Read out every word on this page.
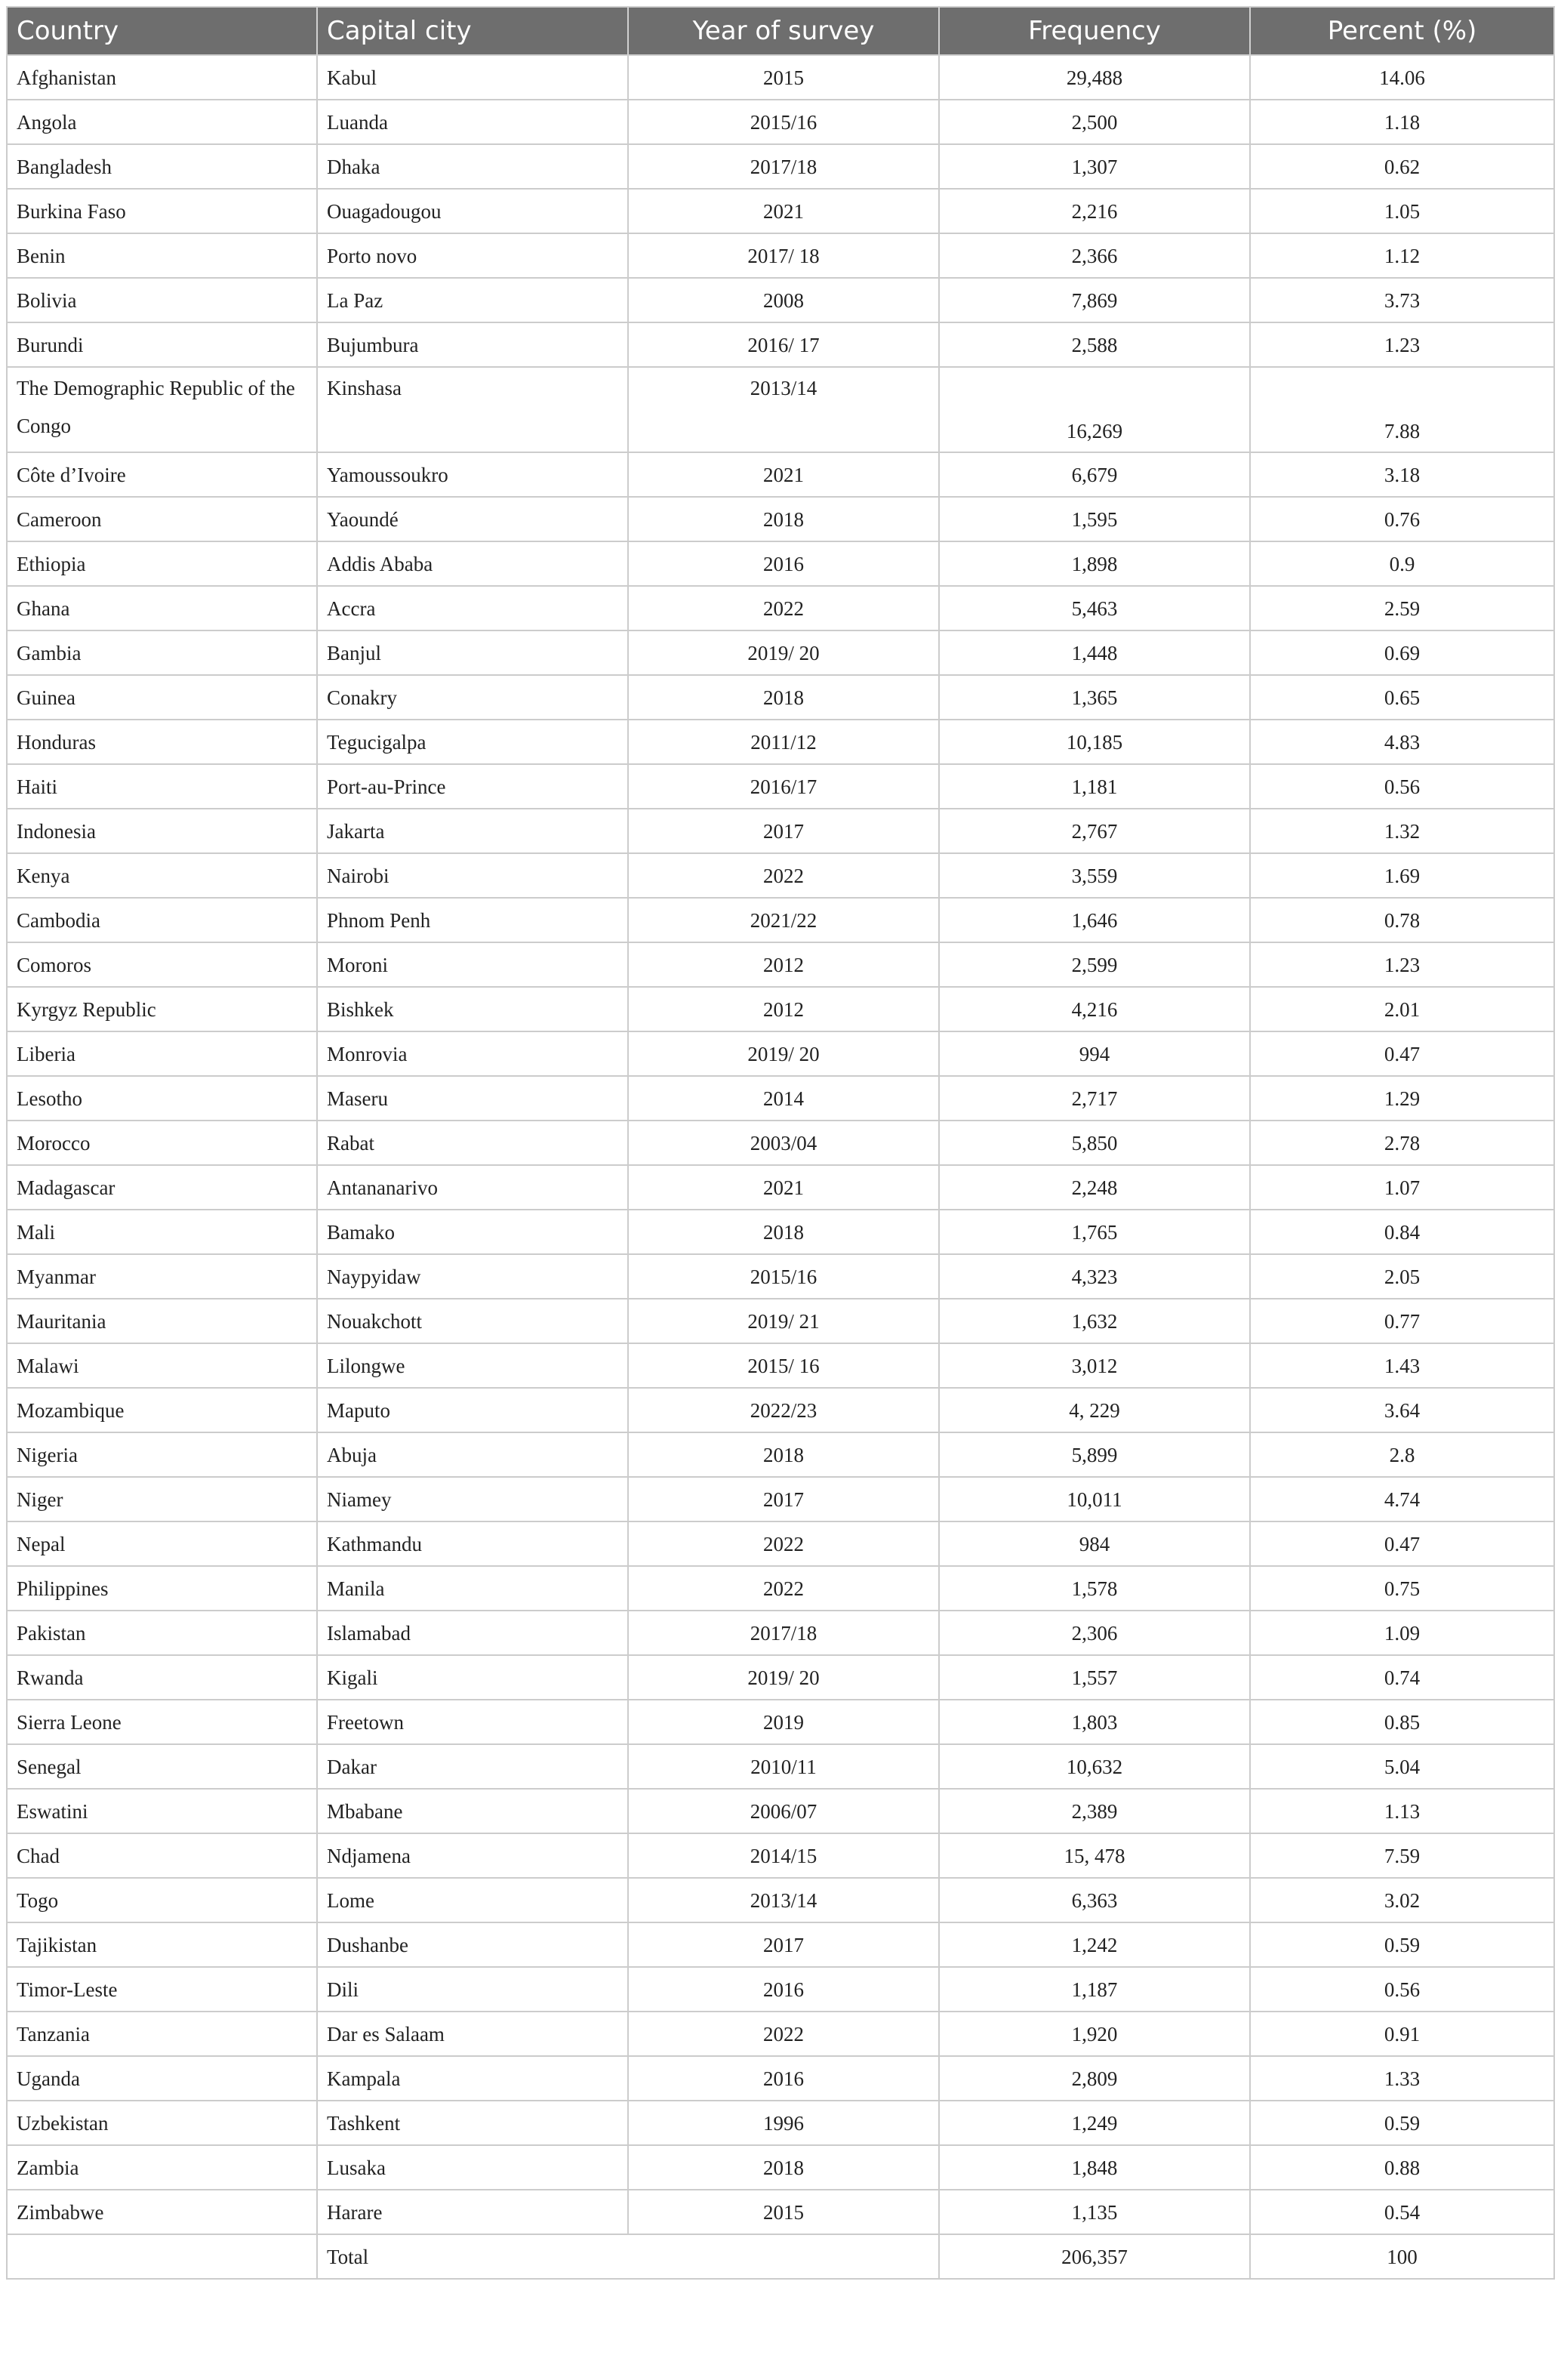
Country	Capital city	Year of survey	Frequency	Percent (%)
Afghanistan	Kabul	2015	29,488	14.06
Angola	Luanda	2015/16	2,500	1.18
Bangladesh	Dhaka	2017/18	1,307	0.62
Burkina Faso	Ouagadougou	2021	2,216	1.05
Benin	Porto novo	2017/ 18	2,366	1.12
Bolivia	La Paz	2008	7,869	3.73
Burundi	Bujumbura	2016/ 17	2,588	1.23
The Demographic Republic of the Congo	Kinshasa	2013/14	16,269	7.88
Côte d’Ivoire	Yamoussoukro	2021	6,679	3.18
Cameroon	Yaoundé	2018	1,595	0.76
Ethiopia	Addis Ababa	2016	1,898	0.9
Ghana	Accra	2022	5,463	2.59
Gambia	Banjul	2019/ 20	1,448	0.69
Guinea	Conakry	2018	1,365	0.65
Honduras	Tegucigalpa	2011/12	10,185	4.83
Haiti	Port-au-Prince	2016/17	1,181	0.56
Indonesia	Jakarta	2017	2,767	1.32
Kenya	Nairobi	2022	3,559	1.69
Cambodia	Phnom Penh	2021/22	1,646	0.78
Comoros	Moroni	2012	2,599	1.23
Kyrgyz Republic	Bishkek	2012	4,216	2.01
Liberia	Monrovia	2019/ 20	994	0.47
Lesotho	Maseru	2014	2,717	1.29
Morocco	Rabat	2003/04	5,850	2.78
Madagascar	Antananarivo	2021	2,248	1.07
Mali	Bamako	2018	1,765	0.84
Myanmar	Naypyidaw	2015/16	4,323	2.05
Mauritania	Nouakchott	2019/ 21	1,632	0.77
Malawi	Lilongwe	2015/ 16	3,012	1.43
Mozambique	Maputo	2022/23	4, 229	3.64
Nigeria	Abuja	2018	5,899	2.8
Niger	Niamey	2017	10,011	4.74
Nepal	Kathmandu	2022	984	0.47
Philippines	Manila	2022	1,578	0.75
Pakistan	Islamabad	2017/18	2,306	1.09
Rwanda	Kigali	2019/ 20	1,557	0.74
Sierra Leone	Freetown	2019	1,803	0.85
Senegal	Dakar	2010/11	10,632	5.04
Eswatini	Mbabane	2006/07	2,389	1.13
Chad	Ndjamena	2014/15	15, 478	7.59
Togo	Lome	2013/14	6,363	3.02
Tajikistan	Dushanbe	2017	1,242	0.59
Timor-Leste	Dili	2016	1,187	0.56
Tanzania	Dar es Salaam	2022	1,920	0.91
Uganda	Kampala	2016	2,809	1.33
Uzbekistan	Tashkent	1996	1,249	0.59
Zambia	Lusaka	2018	1,848	0.88
Zimbabwe	Harare	2015	1,135	0.54
	Total		206,357	100
